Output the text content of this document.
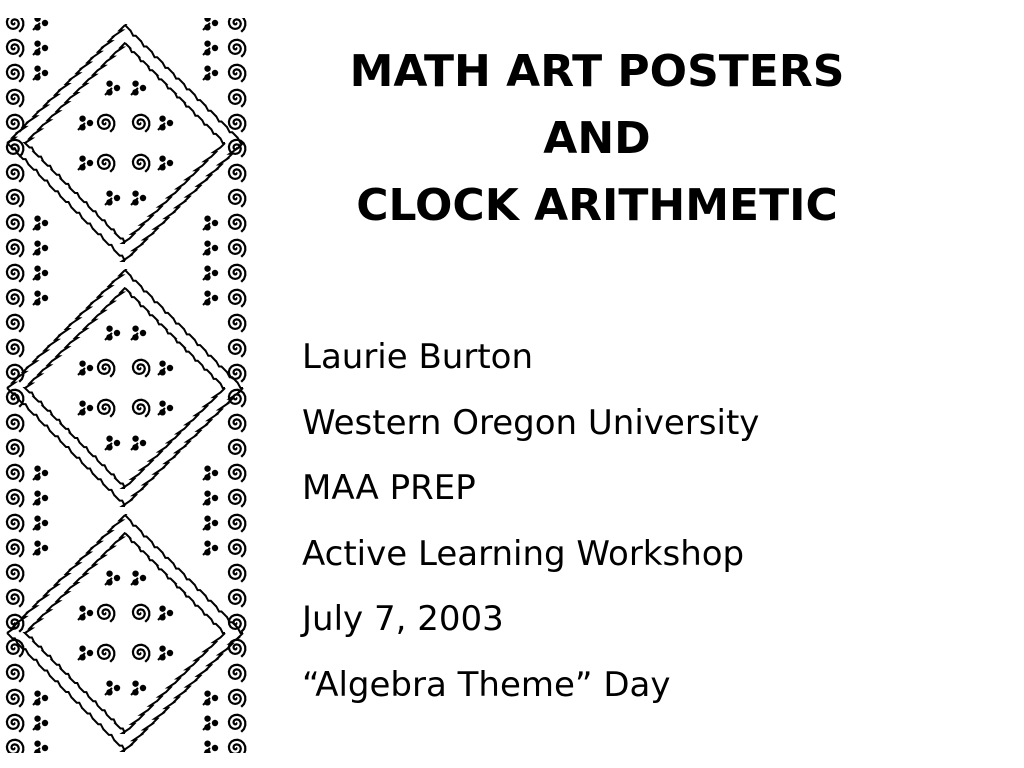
MATH ART POSTERS
AND
CLOCK ARITHMETIC
Laurie Burton
Western Oregon University
MAA PREP
Active Learning Workshop
July 7, 2003
“Algebra Theme” Day
